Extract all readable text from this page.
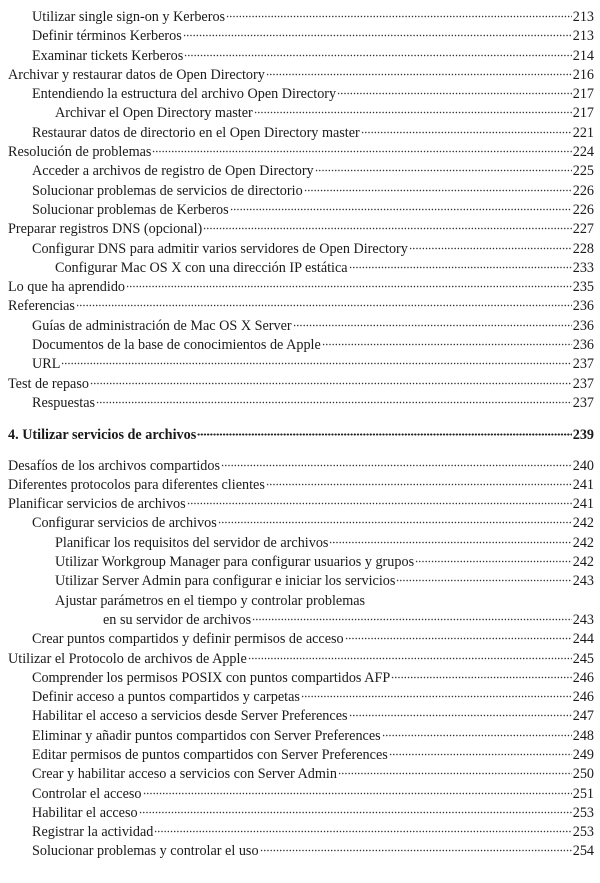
Utilizar single sign-on y Kerberos	213
Definir términos Kerberos	213
Examinar tickets Kerberos	214
Archivar y restaurar datos de Open Directory	216
Entendiendo la estructura del archivo Open Directory	217
Archivar el Open Directory master	217
Restaurar datos de directorio en el Open Directory master	221
Resolución de problemas	224
Acceder a archivos de registro de Open Directory	225
Solucionar problemas de servicios de directorio	226
Solucionar problemas de Kerberos	226
Preparar registros DNS (opcional)	227
Configurar DNS para admitir varios servidores de Open Directory	228
Configurar Mac OS X con una dirección IP estática	233
Lo que ha aprendido	235
Referencias	236
Guías de administración de Mac OS X Server	236
Documentos de la base de conocimientos de Apple	236
URL	237
Test de repaso	237
Respuestas	237
4. Utilizar servicios de archivos	239
Desafíos de los archivos compartidos	240
Diferentes protocolos para diferentes clientes	241
Planificar servicios de archivos	241
Configurar servicios de archivos	242
Planificar los requisitos del servidor de archivos	242
Utilizar Workgroup Manager para configurar usuarios y grupos	242
Utilizar Server Admin para configurar e iniciar los servicios	243
Ajustar parámetros en el tiempo y controlar problemas
en su servidor de archivos	243
Crear puntos compartidos y definir permisos de acceso	244
Utilizar el Protocolo de archivos de Apple	245
Comprender los permisos POSIX con puntos compartidos AFP	246
Definir acceso a puntos compartidos y carpetas	246
Habilitar el acceso a servicios desde Server Preferences	247
Eliminar y añadir puntos compartidos con Server Preferences	248
Editar permisos de puntos compartidos con Server Preferences	249
Crear y habilitar acceso a servicios con Server Admin	250
Controlar el acceso	251
Habilitar el acceso	253
Registrar la actividad	253
Solucionar problemas y controlar el uso	254
